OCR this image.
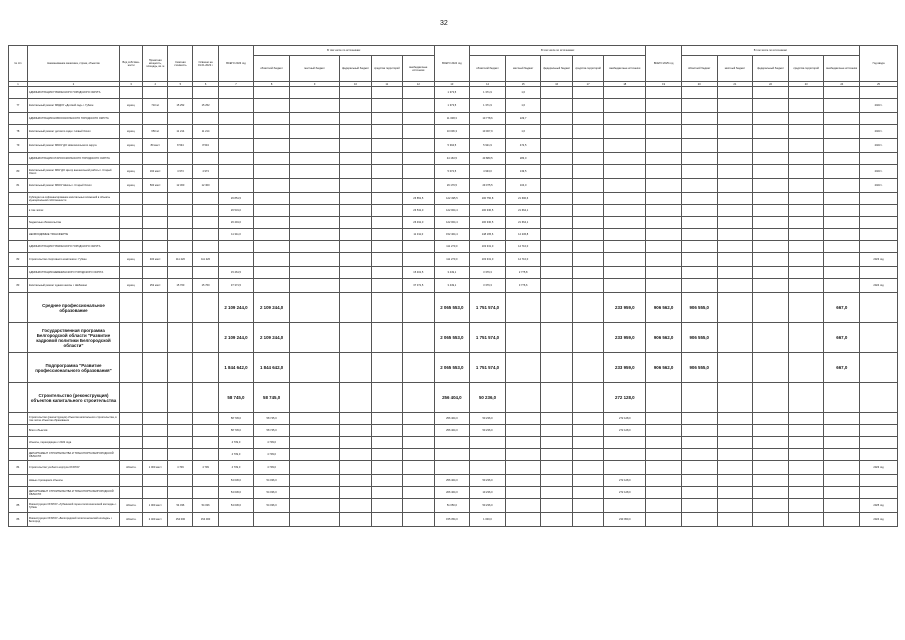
32
№ п/п	Наименование заказчика, строек, объектов	Вид собствен-ности	Проектная мощность, площадь, кв. м	Сметная стоимость	Освоено на 01.01.2023 г.	ВСЕГО 2023 год	В том числе по источникам:					ВСЕГО 2024 год	В том числе по источникам:					ВСЕГО 2025 год	В том числе по источникам:					Год ввода
							областной бюджет	местный бюджет	федеральный бюджет	средства территорий	внебюджетные источники		областной бюджет	местный бюджет	федеральный бюджет	средства территорий	внебюджетные источники		областной бюджет	местный бюджет	федеральный бюджет	средства территорий	внебюджетные источники	
1	2	3	4	5	6	7	8	9	10	11	12	13	14	15	16	17	18	19	20	21	22	23	24	25
	АДМИНИСТРАЦИЯ ГУБКИНСКОГО ГОРОДСКОГО ОКРУГА											1 373,5	1 371,9	1,6										
77	Капитальный ремонт МБДОУ «Детский сад» г. Губкин	муниц.	710 м²	15 252	15 252							1 373,5	1 371,9	1,6										2023 г.
	АДМИНИСТРАЦИЯ НОВООСКОЛЬСКОГО ГОРОДСКОГО ОКРУГА											11 008,3	10 778,6	229,7										
78	Капитальный ремонт детского сада г. Новый Оскол	муниц.	650 м²	11 214	11 214							10 006,3	10 007,9	1,6										2023 г.
79	Капитальный ремонт МБОУ ДО Новооскольского округа	муниц.	80 мест	8 534	8 534							5 394,5	5 921,9	472,5										2023 г.
	АДМИНИСТРАЦИЯ СТАРООСКОЛЬСКОГО ГОРОДСКОГО ОКРУГА											44 163,5	43 880,5	283,0										
80	Капитальный ремонт МБУ ДО Центр внешкольной работы г. Старый Оскол	муниц.	160 мест	4 973	4 973							5 072,5	4 933,0	139,5										2023 г.
81	Капитальный ремонт МБОУ Школы г. Старый Оскол	муниц.	500 мест	12 300	12 300							29 179,5	29 075,5	104,0										2023 г.
	Субсидии на софинансирование капитальных вложений в объекты муниципальной собственности					26 851,5					26 851,5	122 495,5	100 750,8	21 690,6										
	в том числе:					26 531,0					26 531,0	122 004,4	100 330,5	21 664,1										
	бюджетные обязательства					26 491,0					26 491,0	122 004,4	100 330,5	21 664,1										
	НЕОБХОДИМЫЕ ТРАНСФЕРТЫ					11 311,0					11 311,0	152 404,4	148 165,6	14 236,8										
	АДМИНИСТРАЦИЯ ГУБКИНСКОГО ГОРОДСКОГО ОКРУГА											111 270,0	103 331,0	14 710,0										
82	Строительство спортивного комплекса г. Губкин	муниц.	400 мест	111 220	111 220							111 270,0	103 331,0	14 710,0										2023 год
	АДМИНИСТРАЦИЯ ШЕБЕКИНСКОГО ГОРОДСКОГО ОКРУГА					15 461,5					15 461,5	3 449,1	3 376,3	2 775,8										
83	Капитальный ремонт здания школы г. Шебекино	муниц.	252 мест	15 760	15 760	37 371,5					37 371,5	3 449,1	3 376,3	3 776,6										2024 год
	Среднее профессиональное образование					2 109 244,0	2 109 244,0					2 065 553,0	1 751 574,0				233 959,0	906 562,0	906 555,0				667,0	
	Государственная программа Белгородской области "Развитие кадровой политики Белгородской области"					2 109 244,0	2 109 244,0					2 065 553,0	1 751 574,0				233 959,0	906 562,0	906 555,0				667,0	
	Подпрограмма "Развитие профессионального образования"					1 844 642,0	1 844 642,0					2 065 553,0	1 751 574,0				233 959,0	906 562,0	906 555,0				667,0	
	Строительство (реконструкция) объектов капитального строительства					58 745,0	58 745,0					256 404,0	50 236,0				272 128,0							
	Строительство (реконструкция) объектов капитального строительства, в том числе объектов образования					58 745,0	58 745,0					256 404,0	50 236,0				272 128,0							
	Всего объектов					58 745,0	58 745,0					256 404,0	50 236,0				272 128,0							
	объекты, переходящие с 2022 года					4 709,0	4 709,0																	
	ДЕПАРТАМЕНТ СТРОИТЕЛЬСТВА И ТРАНСПОРТА БЕЛГОРОДСКОЙ ОБЛАСТИ					4 709,0	4 709,0																	
84	Строительство учебного корпуса ОГАПОУ	областн.	1 000 мест	4 709	4 709	4 709,0	4 709,0																	2023 год
	Новые строящиеся объекты					54 036,0	54 036,0					256 404,0	50 236,0				272 128,0							
	ДЕПАРТАМЕНТ СТРОИТЕЛЬСТВА И ТРАНСПОРТА БЕЛГОРОДСКОЙ ОБЛАСТИ					54 036,0	54 036,0					206 404,0	10 236,0				272 128,0							
85	Реконструкция ОГАПОУ «Губкинский горно-политехнический колледж» г. Губкин	областн.	1 000 мест	54 036	54 036	54 036,0	54 036,0					51 050,0	50 236,0											2025 год
86	Реконструкция ОГАПОУ «Белгородский политехнический колледж» г. Белгород	областн.	2 400 мест	154 000	154 000							155 354,0	1 000,0				233 959,0							2024 год
